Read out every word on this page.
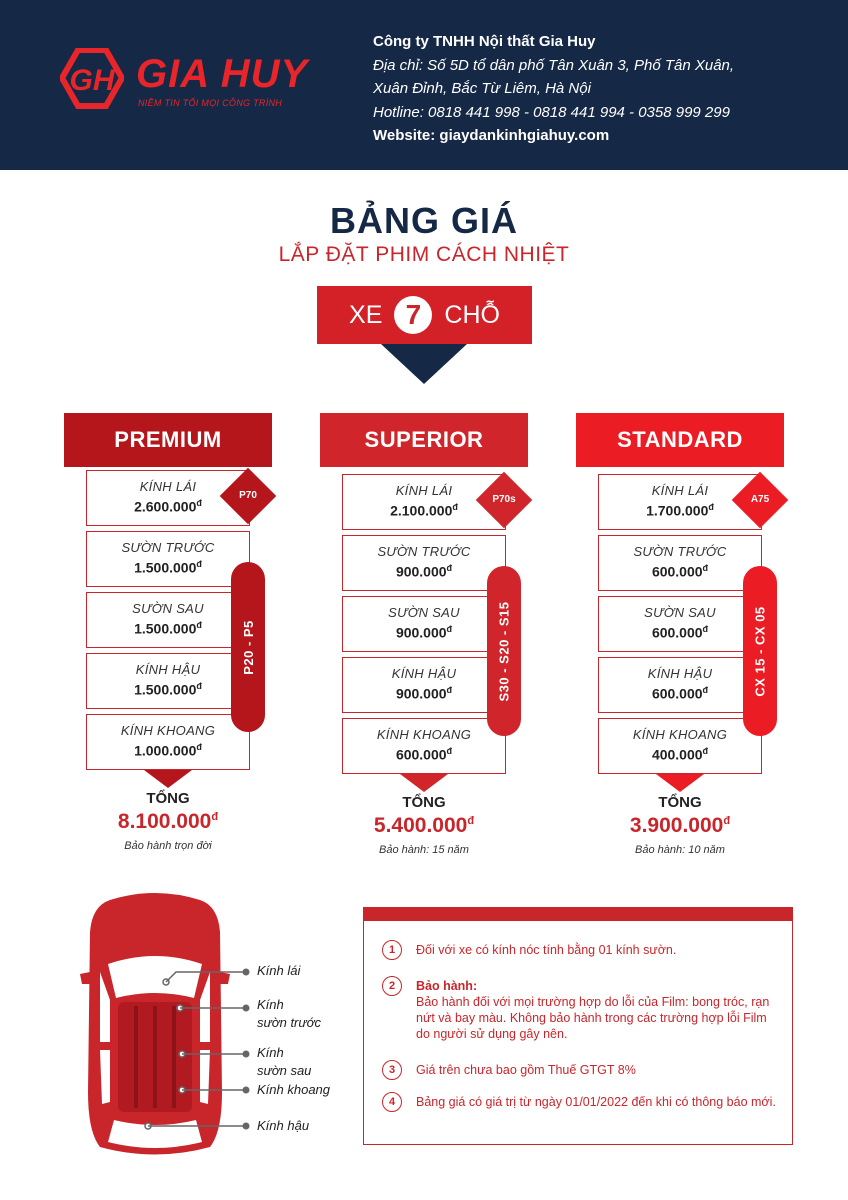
GH GIA HUY
NIỀM TIN TỐI MỌI CÔNG TRÌNH
Công ty TNHH Nội thất Gia Huy
Địa chỉ: Số 5D tổ dân phố Tân Xuân 3, Phố Tân Xuân,
Xuân Đỉnh, Bắc Từ Liêm, Hà Nội
Hotline: 0818 441 998 - 0818 441 994 - 0358 999 299
Website: giaydankinhgiahuy.com
BẢNG GIÁ
LẮP ĐẶT PHIM CÁCH NHIỆT
XE 7 CHỖ
PREMIUM
KÍNH LÁI
$2.600.000^đ$
SƯỜN TRƯỚC
$1.500.000^đ$
SƯỜN SAU
$1.500.000^đ$
KÍNH HẬU
$1.500.000^đ$
KÍNH KHOANG
$1.000.000^đ$
P70
P20 - P5
TỔNG
$8.100.000^đ$
Bảo hành trọn đời
SUPERIOR
KÍNH LÁI
$2.100.000^đ$
SƯỜN TRƯỚC
$900.000^đ$
SƯỜN SAU
$900.000^đ$
KÍNH HẬU
$900.000^đ$
KÍNH KHOANG
$600.000^đ$
P70s
S30 - S20 - S15
TỔNG
$5.400.000^đ$
Bảo hành: 15 năm
STANDARD
KÍNH LÁI
$1.700.000^đ$
SƯỜN TRƯỚC
$600.000^đ$
SƯỜN SAU
$600.000^đ$
KÍNH HẬU
$600.000^đ$
KÍNH KHOANG
$400.000^đ$
A75
CX 15 - CX 05
TỔNG
$3.900.000^đ$
Bảo hành: 10 năm
Kính lái
Kính
sườn trước
Kính
sườn sau
Kính khoang
Kính hậu
1	Đối với xe có kính nóc tính bằng 01 kính sườn.
2	Bảo hành:
Bảo hành đối với mọi trường hợp do lỗi của Film: bong tróc, rạn nứt và bay màu. Không bảo hành trong các trường hợp lỗi Film do người sử dụng gây nên.
3	Giá trên chưa bao gồm Thuế GTGT 8%
4	Bảng giá có giá trị từ ngày 01/01/2022 đến khi có thông báo mới.
